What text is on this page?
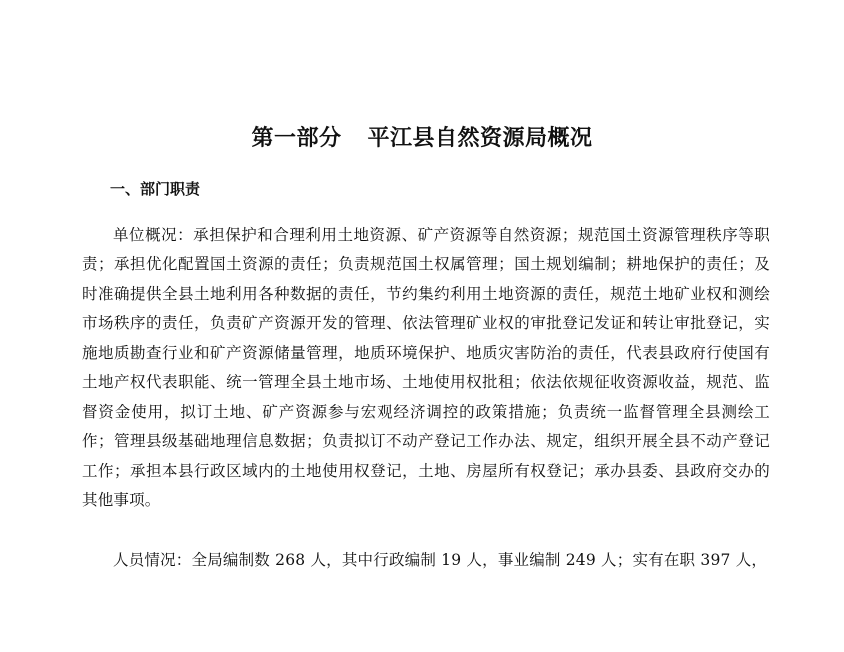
第一部分 平江县自然资源局概况
一、部门职责

单位概况：承担保护和合理利用土地资源、矿产资源等自然资源；规范国土资源管理秩序等职责；承担优化配置国土资源的责任；负责规范国土权属管理；国土规划编制；耕地保护的责任；及时准确提供全县土地利用各种数据的责任，节约集约利用土地资源的责任，规范土地矿业权和测绘市场秩序的责任，负责矿产资源开发的管理、依法管理矿业权的审批登记发证和转让审批登记，实施地质勘查行业和矿产资源储量管理，地质环境保护、地质灾害防治的责任，代表县政府行使国有土地产权代表职能、统一管理全县土地市场、土地使用权批租；依法依规征收资源收益，规范、监督资金使用，拟订土地、矿产资源参与宏观经济调控的政策措施；负责统一监督管理全县测绘工作；管理县级基础地理信息数据；负责拟订不动产登记工作办法、规定，组织开展全县不动产登记工作；承担本县行政区域内的土地使用权登记，土地、房屋所有权登记；承办县委、县政府交办的其他事项。

人员情况：全局编制数 268 人，其中行政编制 19 人，事业编制 249 人；实有在职 397 人，
